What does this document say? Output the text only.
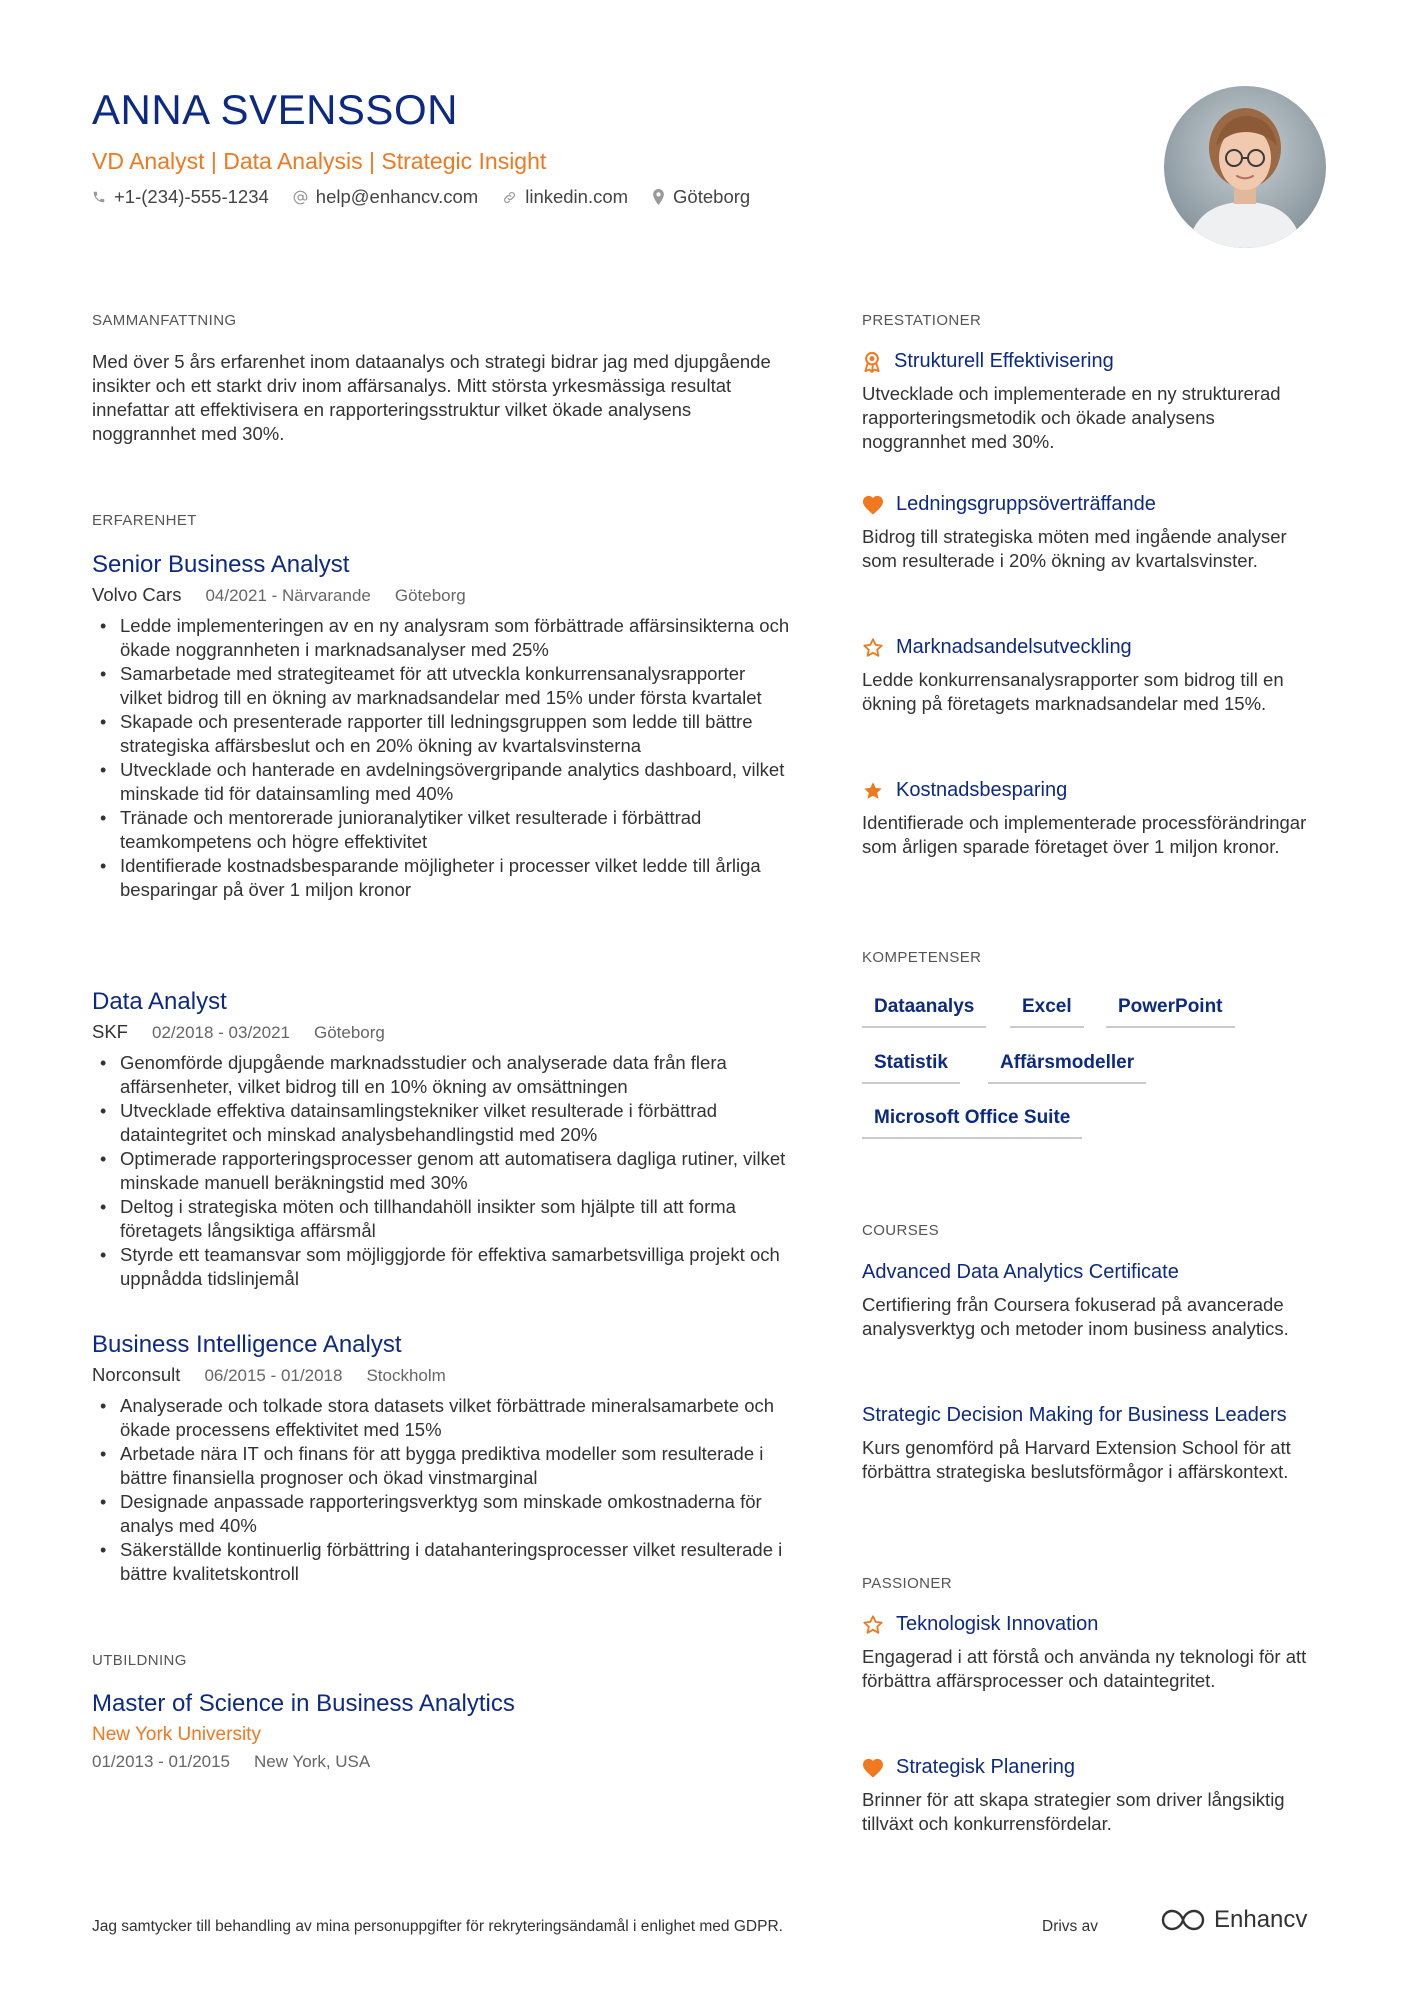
ANNA SVENSSON
VD Analyst | Data Analysis | Strategic Insight
+1-(234)-555-1234	help@enhancv.com	linkedin.com Göteborg
SAMMANFATTNING
Med över 5 års erfarenhet inom dataanalys och strategi bidrar jag med djupgående insikter och ett starkt driv inom affärsanalys. Mitt största yrkesmässiga resultat innefattar att effektivisera en rapporteringsstruktur vilket ökade analysens noggrannhet med 30%.
ERFARENHET
Senior Business Analyst
Volvo Cars 04/2021 - Närvarande Göteborg
• Ledde implementeringen av en ny analysram som förbättrade affärsinsikterna och ökade noggrannheten i marknadsanalyser med 25%
• Samarbetade med strategiteamet för att utveckla konkurrensanalysrapporter vilket bidrog till en ökning av marknadsandelar med 15% under första kvartalet
• Skapade och presenterade rapporter till ledningsgruppen som ledde till bättre strategiska affärsbeslut och en 20% ökning av kvartalsvinsterna
• Utvecklade och hanterade en avdelningsövergripande analytics dashboard, vilket minskade tid för datainsamling med 40%
• Tränade och mentorerade junioranalytiker vilket resulterade i förbättrad teamkompetens och högre effektivitet
• Identifierade kostnadsbesparande möjligheter i processer vilket ledde till årliga besparingar på över 1 miljon kronor
Data Analyst
SKF 02/2018 - 03/2021 Göteborg
• Genomförde djupgående marknadsstudier och analyserade data från flera affärsenheter, vilket bidrog till en 10% ökning av omsättningen
• Utvecklade effektiva datainsamlingstekniker vilket resulterade i förbättrad dataintegritet och minskad analysbehandlingstid med 20%
• Optimerade rapporteringsprocesser genom att automatisera dagliga rutiner, vilket minskade manuell beräkningstid med 30%
• Deltog i strategiska möten och tillhandahöll insikter som hjälpte till att forma företagets långsiktiga affärsmål
• Styrde ett teamansvar som möjliggjorde för effektiva samarbetsvilliga projekt och uppnådda tidslinjemål
Business Intelligence Analyst
Norconsult 06/2015 - 01/2018 Stockholm
• Analyserade och tolkade stora datasets vilket förbättrade mineralsamarbete och ökade processens effektivitet med 15%
• Arbetade nära IT och finans för att bygga prediktiva modeller som resulterade i bättre finansiella prognoser och ökad vinstmarginal
• Designade anpassade rapporteringsverktyg som minskade omkostnaderna för analys med 40%
• Säkerställde kontinuerlig förbättring i datahanteringsprocesser vilket resulterade i bättre kvalitetskontroll
UTBILDNING
Master of Science in Business Analytics
New York University
01/2013 - 01/2015 New York, USA
PRESTATIONER
Strukturell Effektivisering
Utvecklade och implementerade en ny strukturerad rapporteringsmetodik och ökade analysens noggrannhet med 30%.
Ledningsgruppsöverträffande
Bidrog till strategiska möten med ingående analyser som resulterade i 20% ökning av kvartalsvinster.
Marknadsandelsutveckling
Ledde konkurrensanalysrapporter som bidrog till en ökning på företagets marknadsandelar med 15%.
Kostnadsbesparing
Identifierade och implementerade processförändringar som årligen sparade företaget över 1 miljon kronor.
KOMPETENSER
Dataanalys	Excel	PowerPoint
Statistik	Affärsmodeller
Microsoft Office Suite
COURSES
Advanced Data Analytics Certificate
Certifiering från Coursera fokuserad på avancerade analysverktyg och metoder inom business analytics.
Strategic Decision Making for Business Leaders
Kurs genomförd på Harvard Extension School för att förbättra strategiska beslutsförmågor i affärskontext.
PASSIONER
Teknologisk Innovation
Engagerad i att förstå och använda ny teknologi för att förbättra affärsprocesser och dataintegritet.
Strategisk Planering
Brinner för att skapa strategier som driver långsiktig tillväxt och konkurrensfördelar.
Jag samtycker till behandling av mina personuppgifter för rekryteringsändamål i enlighet med GDPR.	Drivs av	Enhancv
